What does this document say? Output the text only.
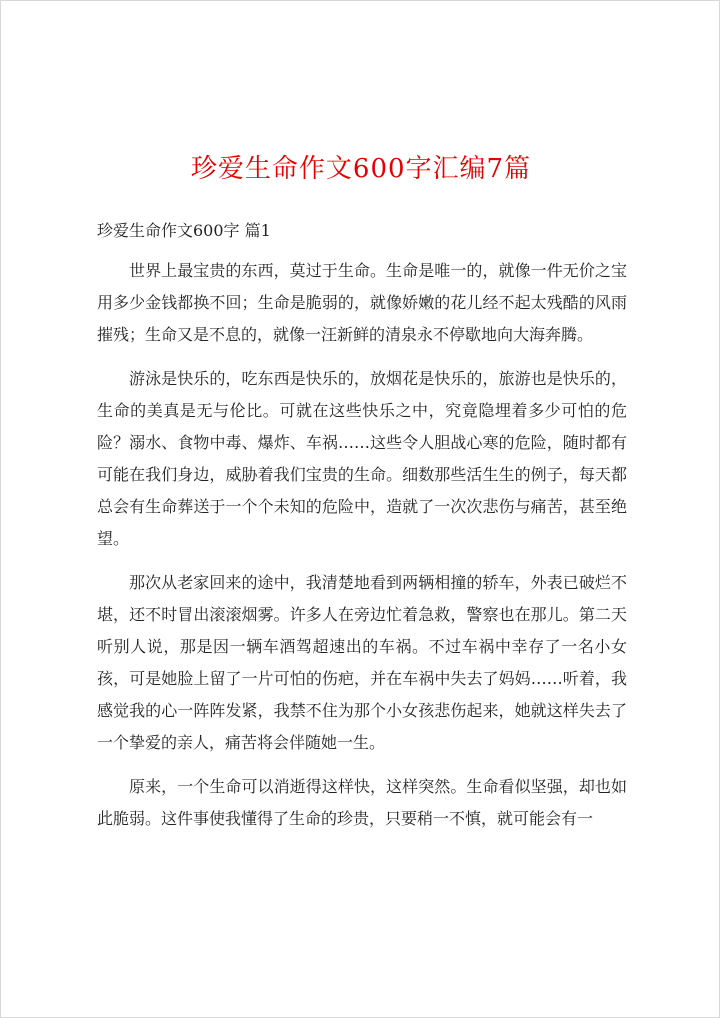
珍爱生命作文600字汇编7篇
珍爱生命作文600字 篇1

世界上最宝贵的东西，莫过于生命。生命是唯一的，就像一件无价之宝用多少金钱都换不回；生命是脆弱的，就像娇嫩的花儿经不起太残酷的风雨摧残；生命又是不息的，就像一汪新鲜的清泉永不停歇地向大海奔腾。

游泳是快乐的，吃东西是快乐的，放烟花是快乐的，旅游也是快乐的，生命的美真是无与伦比。可就在这些快乐之中，究竟隐埋着多少可怕的危险？溺水、食物中毒、爆炸、车祸……这些令人胆战心寒的危险，随时都有可能在我们身边，威胁着我们宝贵的生命。细数那些活生生的例子，每天都总会有生命葬送于一个个未知的危险中，造就了一次次悲伤与痛苦，甚至绝望。

那次从老家回来的途中，我清楚地看到两辆相撞的轿车，外表已破烂不堪，还不时冒出滚滚烟雾。许多人在旁边忙着急救，警察也在那儿。第二天听别人说，那是因一辆车酒驾超速出的车祸。不过车祸中幸存了一名小女孩，可是她脸上留了一片可怕的伤疤，并在车祸中失去了妈妈……听着，我感觉我的心一阵阵发紧，我禁不住为那个小女孩悲伤起来，她就这样失去了一个挚爱的亲人，痛苦将会伴随她一生。

原来，一个生命可以消逝得这样快，这样突然。生命看似坚强，却也如此脆弱。这件事使我懂得了生命的珍贵，只要稍一不慎，就可能会有一
